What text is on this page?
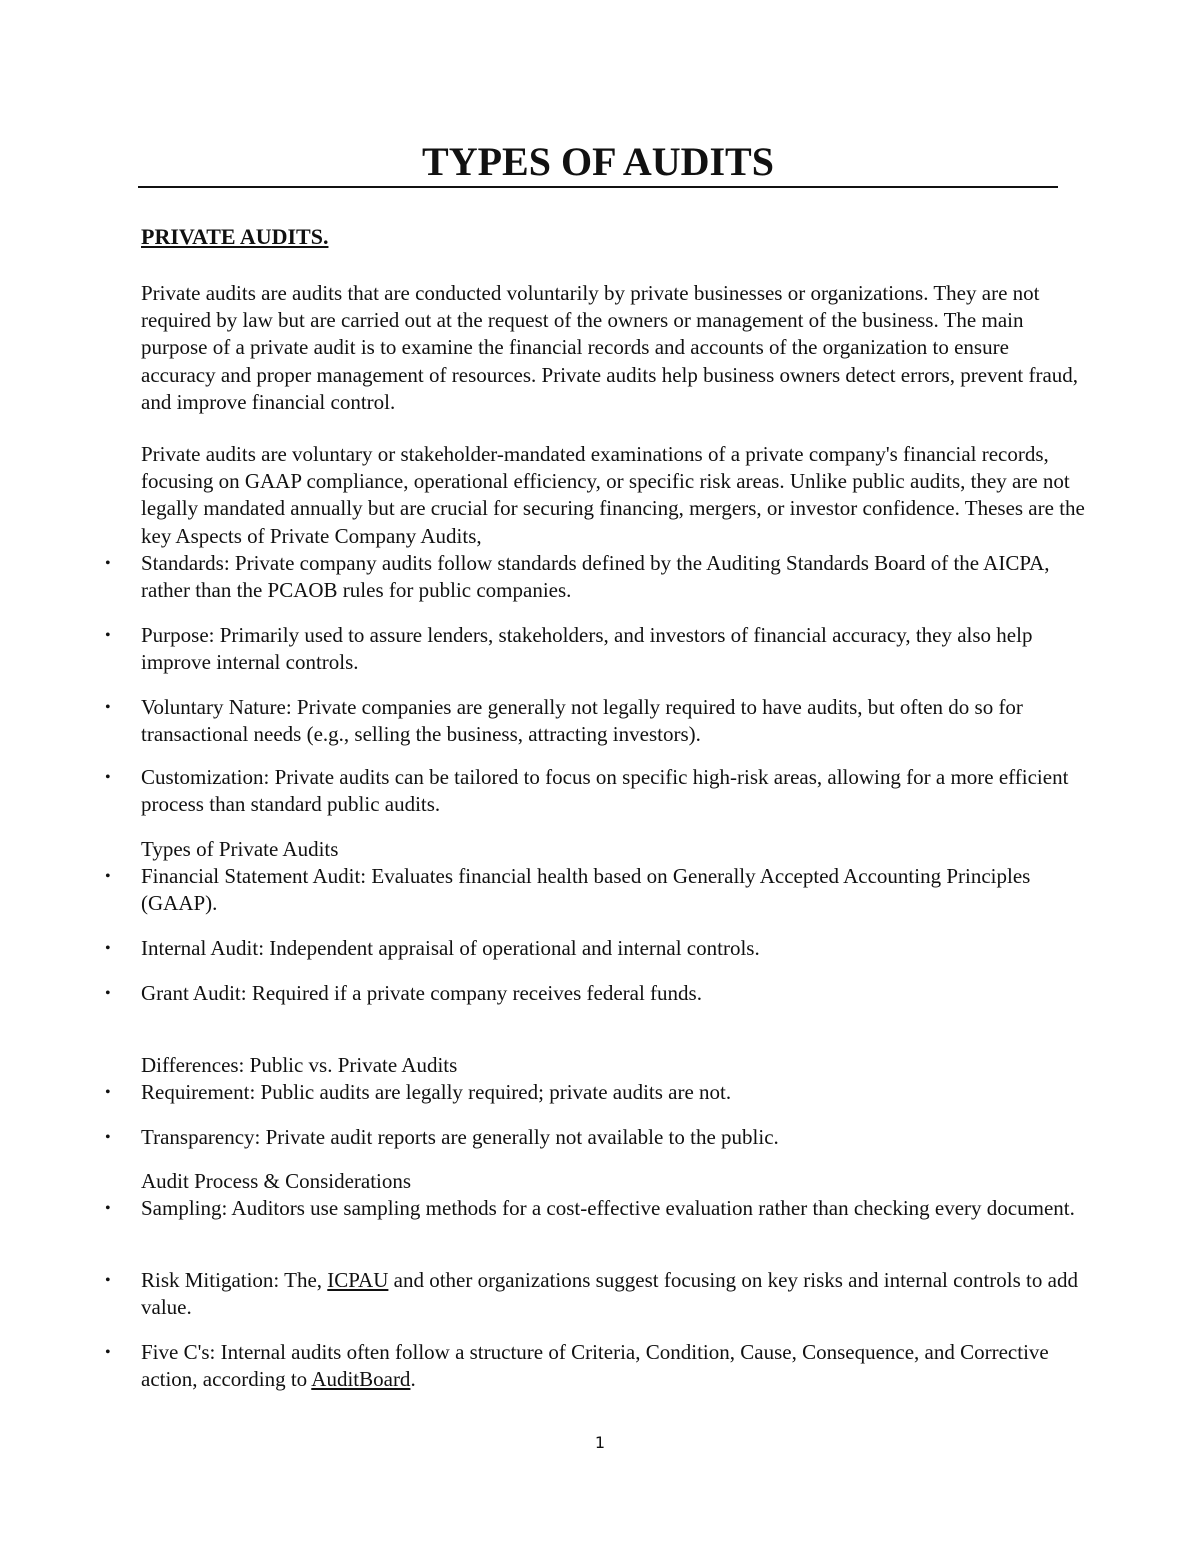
TYPES OF AUDITS
PRIVATE AUDITS.

Private audits are audits that are conducted voluntarily by private businesses or organizations. They are not required by law but are carried out at the request of the owners or management of the business. The main purpose of a private audit is to examine the financial records and accounts of the organization to ensure accuracy and proper management of resources. Private audits help business owners detect errors, prevent fraud, and improve financial control.

Private audits are voluntary or stakeholder-mandated examinations of a private company's financial records, focusing on GAAP compliance, operational efficiency, or specific risk areas. Unlike public audits, they are not legally mandated annually but are crucial for securing financing, mergers, or investor confidence. Theses are the key Aspects of Private Company Audits,

• Standards: Private company audits follow standards defined by the Auditing Standards Board of the AICPA, rather than the PCAOB rules for public companies.
• Purpose: Primarily used to assure lenders, stakeholders, and investors of financial accuracy, they also help improve internal controls.
• Voluntary Nature: Private companies are generally not legally required to have audits, but often do so for transactional needs (e.g., selling the business, attracting investors).
• Customization: Private audits can be tailored to focus on specific high-risk areas, allowing for a more efficient process than standard public audits.
Types of Private Audits
• Financial Statement Audit: Evaluates financial health based on Generally Accepted Accounting Principles (GAAP).
• Internal Audit: Independent appraisal of operational and internal controls.
• Grant Audit: Required if a private company receives federal funds.
Differences: Public vs. Private Audits
• Requirement: Public audits are legally required; private audits are not.
• Transparency: Private audit reports are generally not available to the public.
Audit Process & Considerations
• Sampling: Auditors use sampling methods for a cost-effective evaluation rather than checking every document.
• Risk Mitigation: The, ICPAU and other organizations suggest focusing on key risks and internal controls to add value.
• Five C's: Internal audits often follow a structure of Criteria, Condition, Cause, Consequence, and Corrective action, according to AuditBoard.
1
